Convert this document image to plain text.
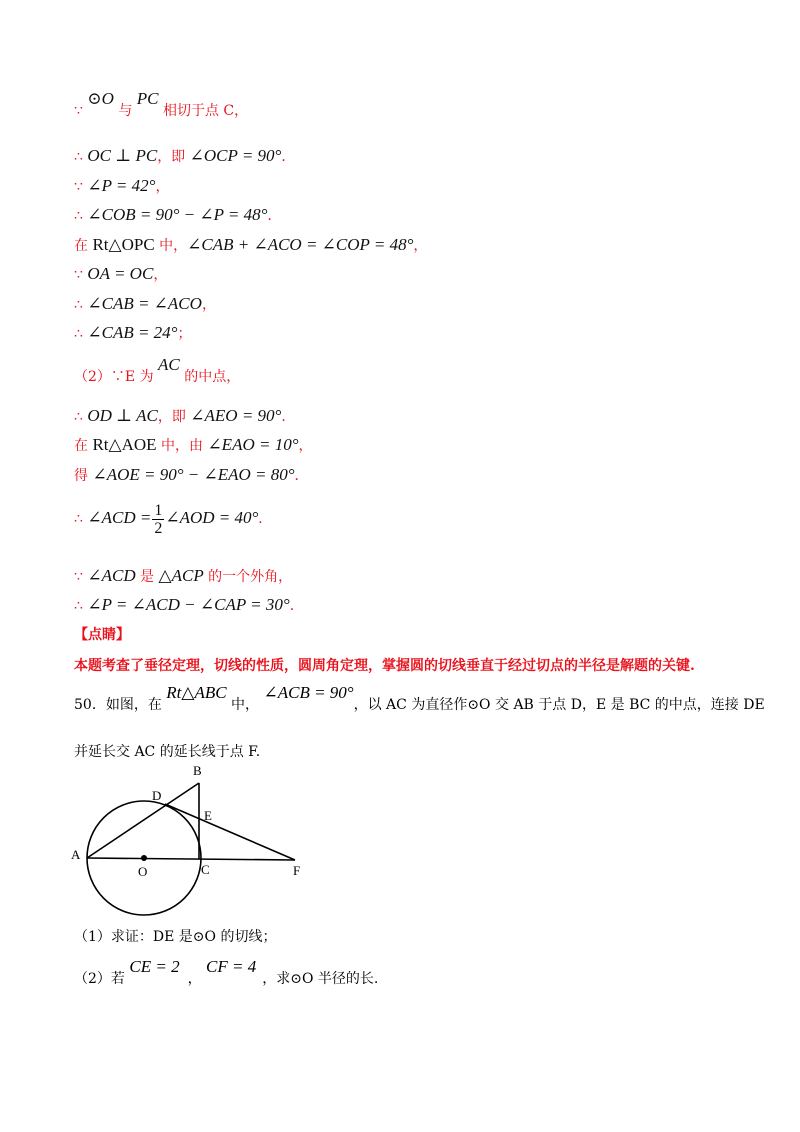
∵ ⊙O 与 PC 相切于点 C，
∴ OC ⊥ PC，即 ∠OCP = 90°．
∵ ∠P = 42°，
∴ ∠COB = 90° − ∠P = 48°．
在 Rt△OPC 中，∠CAB + ∠ACO = ∠COP = 48°，
∵ OA = OC，
∴ ∠CAB = ∠ACO，
∴ ∠CAB = 24°；
（2）∵E 为 AC 的中点，
∴ OD ⊥ AC，即 ∠AEO = 90°．
在 Rt△AOE 中，由 ∠EAO = 10°，
得 ∠AOE = 90° − ∠EAO = 80°．
∴ ∠ACD = $\frac{1}{2}$ ∠AOD = 40°．
∵ ∠ACD 是 △ACP 的一个外角，
∴ ∠P = ∠ACD − ∠CAP = 30°．
【点睛】
本题考查了垂径定理，切线的性质，圆周角定理，掌握圆的切线垂直于经过切点的半径是解题的关键.
50．如图，在 Rt△ABC 中， ∠ACB = 90°，以 AC 为直径作⊙O 交 AB 于点 D，E 是 BC 的中点，连接 DE
并延长交 AC 的延长线于点 F.
B
D
E
A
O	C	F
（1）求证：DE 是⊙O 的切线；
（2）若 CE = 2， CF = 4，求⊙O 半径的长.
